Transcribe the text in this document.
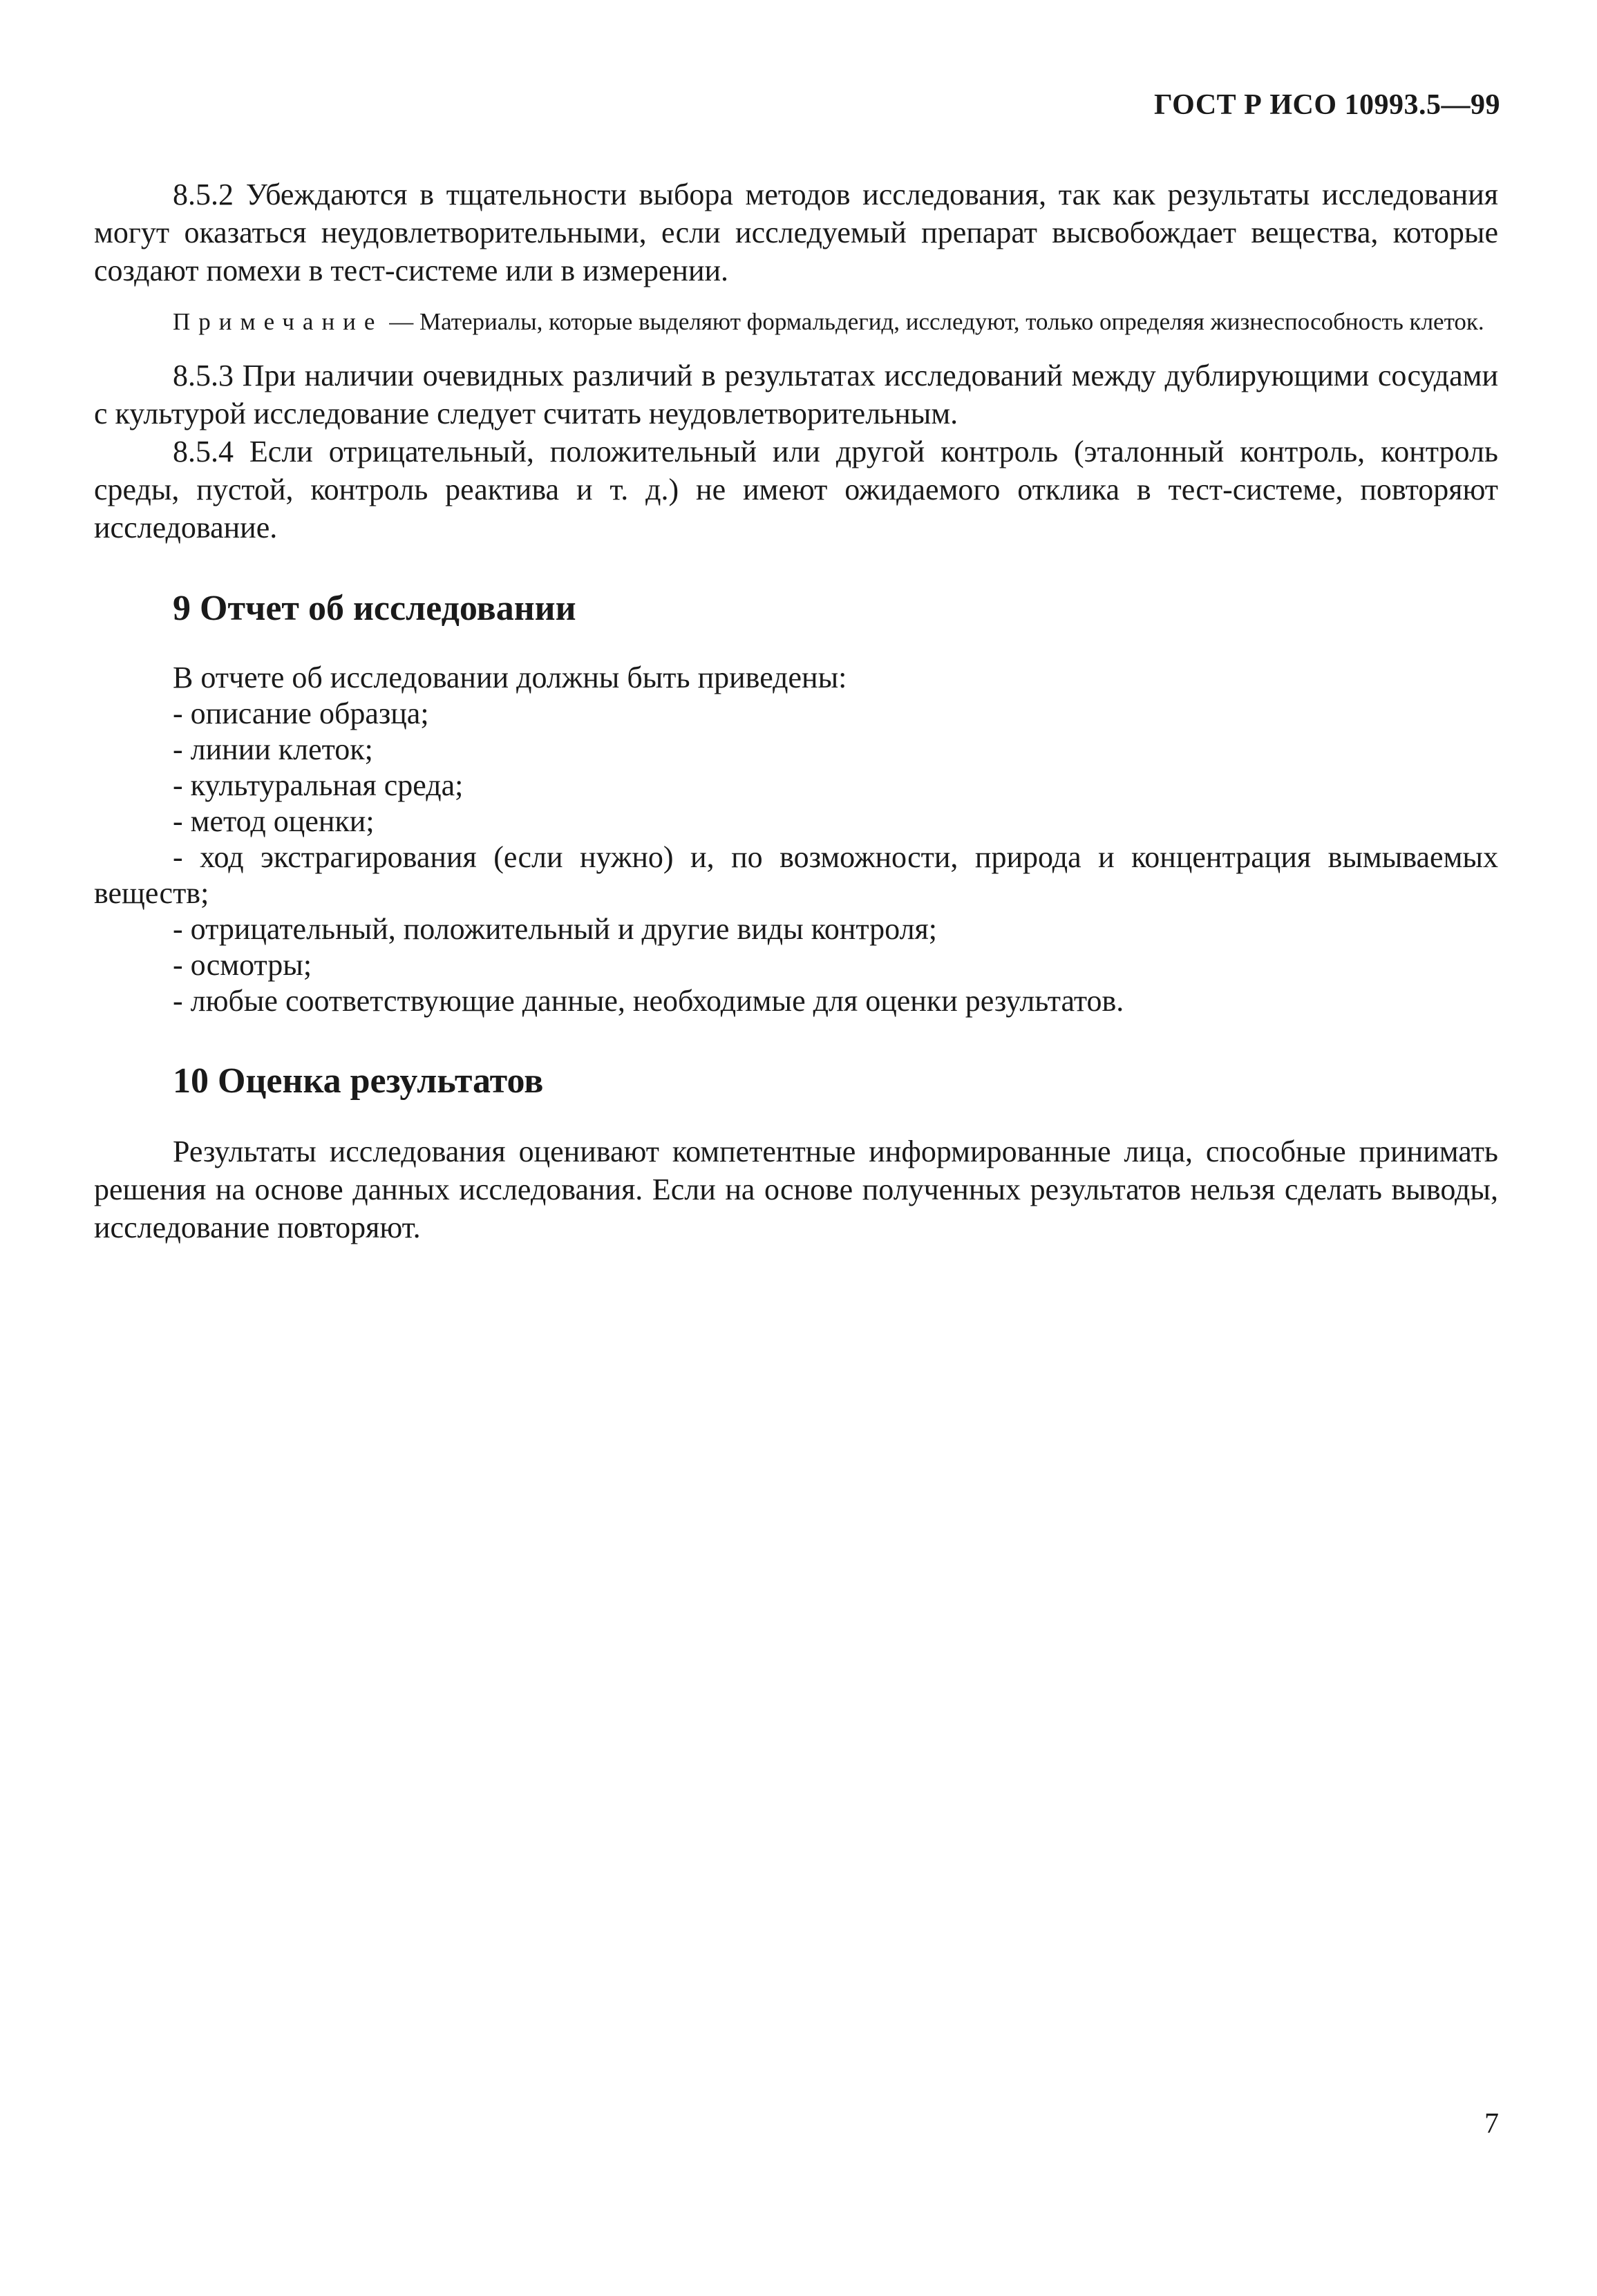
ГОСТ Р ИСО 10993.5—99

8.5.2 Убеждаются в тщательности выбора методов исследования, так как результаты исследования могут оказаться неудовлетворительными, если исследуемый препарат высвобождает вещества, которые создают помехи в тест-системе или в измерении.

Примечание — Материалы, которые выделяют формальдегид, исследуют, только определяя жизнеспособность клеток.

8.5.3 При наличии очевидных различий в результатах исследований между дублирующими сосудами с культурой исследование следует считать неудовлетворительным.

8.5.4 Если отрицательный, положительный или другой контроль (эталонный контроль, контроль среды, пустой, контроль реактива и т. д.) не имеют ожидаемого отклика в тест-системе, повторяют исследование.

9 Отчет об исследовании

В отчете об исследовании должны быть приведены:

- описание образца;
- линии клеток;
- культуральная среда;
- метод оценки;
- ход экстрагирования (если нужно) и, по возможности, природа и концентрация вымываемых веществ;
- отрицательный, положительный и другие виды контроля;
- осмотры;
- любые соответствующие данные, необходимые для оценки результатов.
10 Оценка результатов

Результаты исследования оценивают компетентные информированные лица, способные принимать решения на основе данных исследования. Если на основе полученных результатов нельзя сделать выводы, исследование повторяют.

7
